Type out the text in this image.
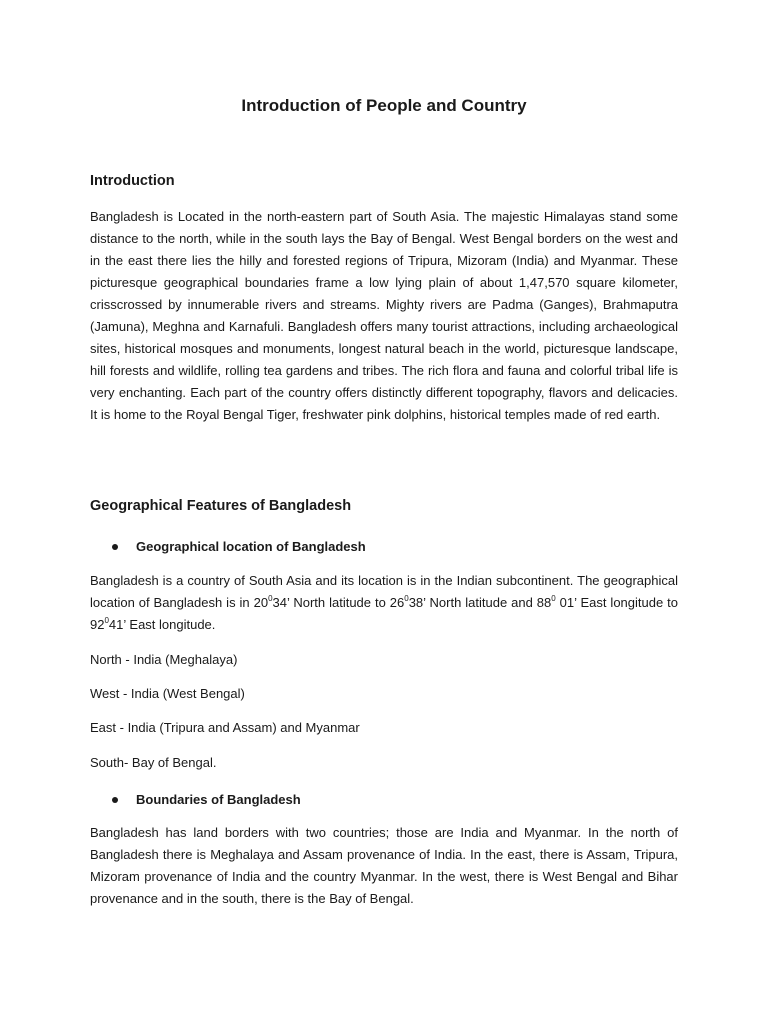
Introduction of People and Country
Introduction

Bangladesh is Located in the north-eastern part of South Asia. The majestic Himalayas stand some distance to the north, while in the south lays the Bay of Bengal. West Bengal borders on the west and in the east there lies the hilly and forested regions of Tripura, Mizoram (India) and Myanmar. These picturesque geographical boundaries frame a low lying plain of about 1,47,570 square kilometer, crisscrossed by innumerable rivers and streams. Mighty rivers are Padma (Ganges), Brahmaputra (Jamuna), Meghna and Karnafuli. Bangladesh offers many tourist attractions, including archaeological sites, historical mosques and monuments, longest natural beach in the world, picturesque landscape, hill forests and wildlife, rolling tea gardens and tribes. The rich flora and fauna and colorful tribal life is very enchanting. Each part of the country offers distinctly different topography, flavors and delicacies. It is home to the Royal Bengal Tiger, freshwater pink dolphins, historical temples made of red earth.

Geographical Features of Bangladesh
Geographical location of Bangladesh

Bangladesh is a country of South Asia and its location is in the Indian subcontinent. The geographical location of Bangladesh is in $20^034$’ North latitude to $26^038$’ North latitude and $88^0$ 01’ East longitude to $92^041$’ East longitude.

North - India (Meghalaya)

West - India (West Bengal)

East - India (Tripura and Assam) and Myanmar

South- Bay of Bengal.

Boundaries of Bangladesh

Bangladesh has land borders with two countries; those are India and Myanmar. In the north of Bangladesh there is Meghalaya and Assam provenance of India. In the east, there is Assam, Tripura, Mizoram provenance of India and the country Myanmar. In the west, there is West Bengal and Bihar provenance and in the south, there is the Bay of Bengal.
